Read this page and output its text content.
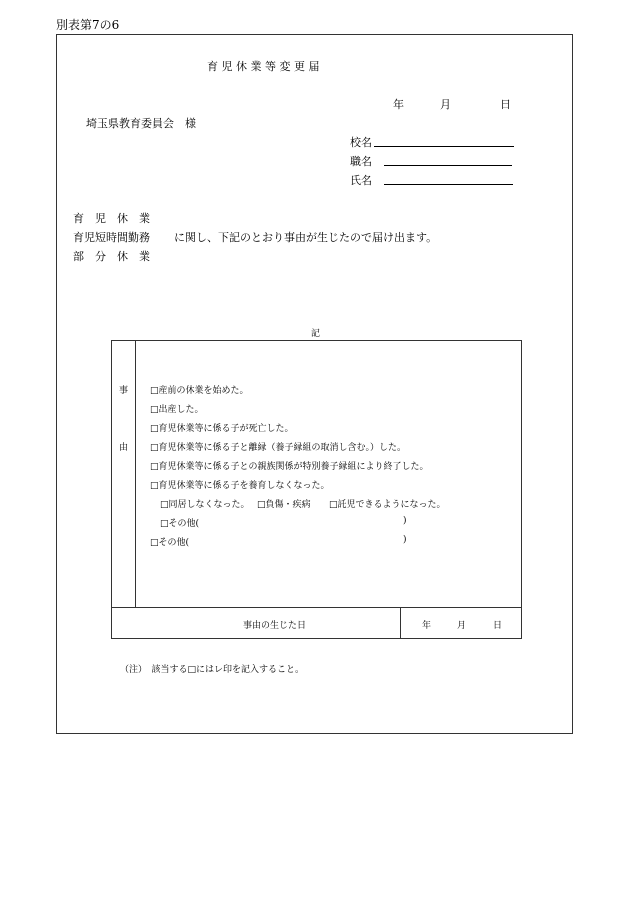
別表第7の6
育 児 休 業 等 変 更 届
年	月	日
埼玉県教育委員会　様
校名
職名
氏名
育　児　休　業
育児短時間勤務
部　分　休　業
に関し、下記のとおり事由が生じたので届け出ます。
記
事
由
□産前の休業を始めた。
□出産した。
□育児休業等に係る子が死亡した。
□育児休業等に係る子と離縁（養子縁組の取消し含む。）した。
□育児休業等に係る子との親族関係が特別養子縁組により終了した。
□育児休業等に係る子を養育しなくなった。
□同居しなくなった。 □負傷・疾病 □託児できるようになった。
□その他(	)
□その他(	)
事由の生じた日	年	月	日
（注）　該当する□にはレ印を記入すること。
